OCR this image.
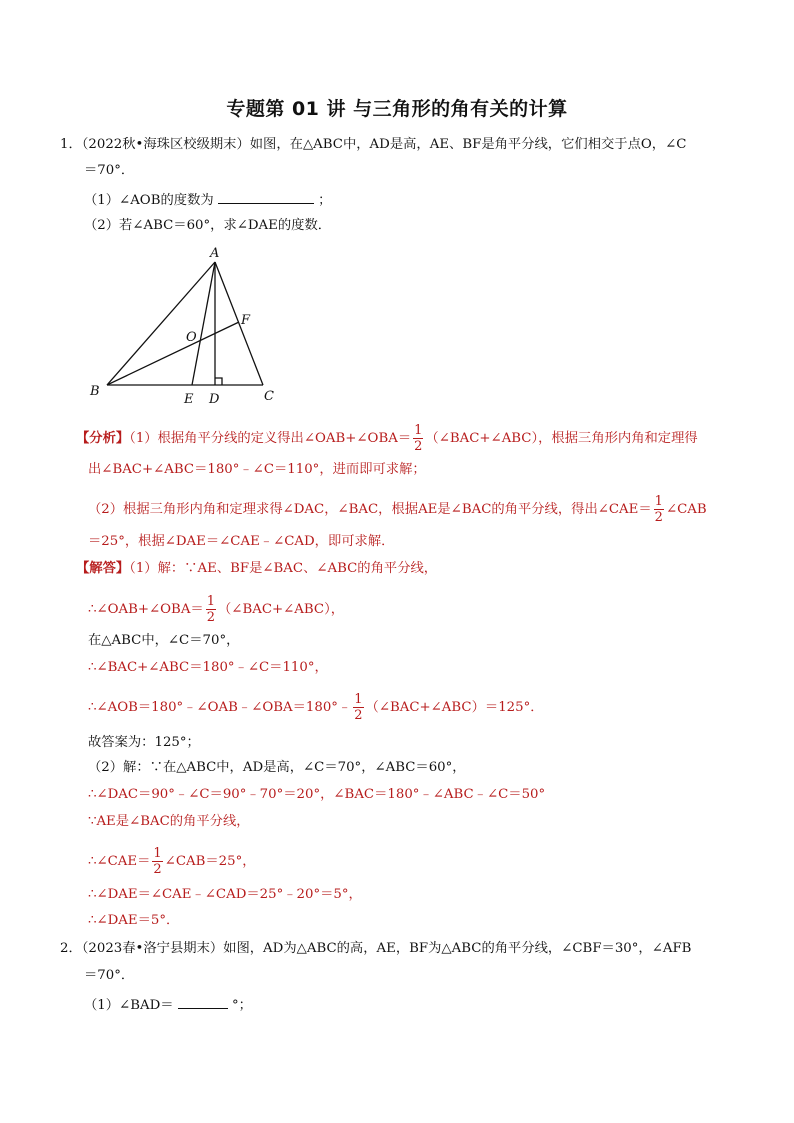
专题第 01 讲 与三角形的角有关的计算
1．（2022秋•海珠区校级期末）如图，在△ABC中，AD是高，AE、BF是角平分线，它们相交于点O，∠C
＝70°．
（1）∠AOB的度数为	；
（2）若∠ABC＝60°，求∠DAE的度数．
A
B	C
D
E
F
O
【分析】（1）根据角平分线的定义得出∠OAB+∠OBA＝ $\frac{1}{2}$ （∠BAC+∠ABC），根据三角形内角和定理得
出∠BAC+∠ABC＝180°﹣∠C＝110°，进而即可求解；
（2）根据三角形内角和定理求得∠DAC，∠BAC，根据AE是∠BAC的角平分线，得出∠CAE＝ $\frac{1}{2}$ ∠CAB
＝25°，根据∠DAE＝∠CAE﹣∠CAD，即可求解．
【解答】（1）解：∵AE、BF是∠BAC、∠ABC的角平分线，
∴∠OAB+∠OBA＝ $\frac{1}{2}$ （∠BAC+∠ABC），
在△ABC中，∠C＝70°，
∴∠BAC+∠ABC＝180°﹣∠C＝110°，
∴∠AOB＝180°﹣∠OAB﹣∠OBA＝180°﹣ $\frac{1}{2}$ （∠BAC+∠ABC）＝125°．
故答案为：125°；
（2）解：∵在△ABC中，AD是高，∠C＝70°，∠ABC＝60°，
∴∠DAC＝90°﹣∠C＝90°﹣70°＝20°，∠BAC＝180°﹣∠ABC﹣∠C＝50°
∵AE是∠BAC的角平分线，
∴∠CAE＝ $\frac{1}{2}$ ∠CAB＝25°，
∴∠DAE＝∠CAE﹣∠CAD＝25°﹣20°＝5°，
∴∠DAE＝5°．
2．（2023春•洛宁县期末）如图，AD为△ABC的高，AE，BF为△ABC的角平分线，∠CBF＝30°，∠AFB
＝70°．
（1）∠BAD＝	°；
